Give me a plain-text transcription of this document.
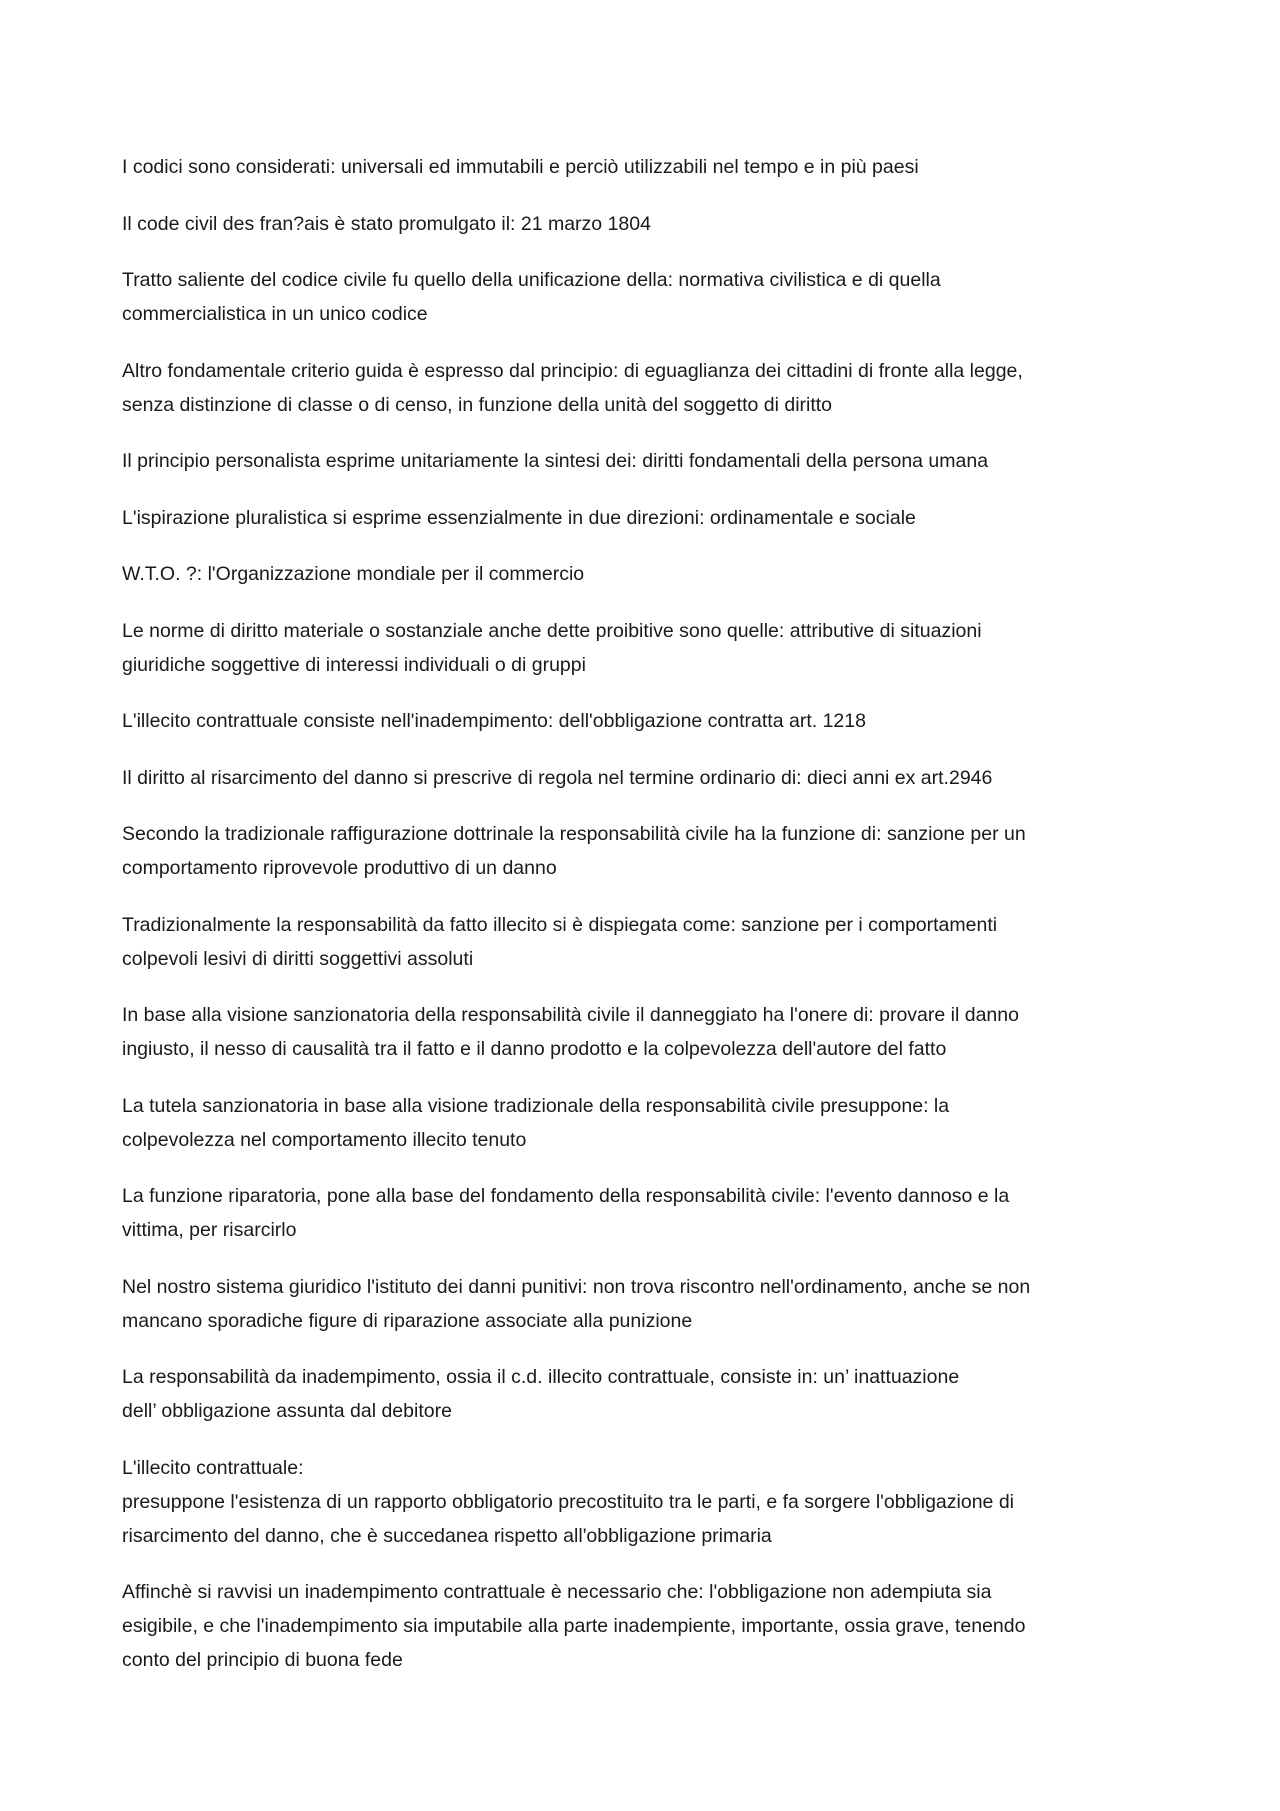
I codici sono considerati: universali ed immutabili e perciò utilizzabili nel tempo e in più paesi

Il code civil des fran?ais è stato promulgato il: 21 marzo 1804

Tratto saliente del codice civile fu quello della unificazione della: normativa civilistica e di quella
commercialistica in un unico codice

Altro fondamentale criterio guida è espresso dal principio: di eguaglianza dei cittadini di fronte alla legge,
senza distinzione di classe o di censo, in funzione della unità del soggetto di diritto

Il principio personalista esprime unitariamente la sintesi dei: diritti fondamentali della persona umana

L'ispirazione pluralistica si esprime essenzialmente in due direzioni: ordinamentale e sociale

W.T.O. ?: l'Organizzazione mondiale per il commercio

Le norme di diritto materiale o sostanziale anche dette proibitive sono quelle: attributive di situazioni
giuridiche soggettive di interessi individuali o di gruppi

L'illecito contrattuale consiste nell'inadempimento: dell'obbligazione contratta art. 1218

Il diritto al risarcimento del danno si prescrive di regola nel termine ordinario di: dieci anni ex art.2946

Secondo la tradizionale raffigurazione dottrinale la responsabilità civile ha la funzione di: sanzione per un
comportamento riprovevole produttivo di un danno

Tradizionalmente la responsabilità da fatto illecito si è dispiegata come: sanzione per i comportamenti
colpevoli lesivi di diritti soggettivi assoluti

In base alla visione sanzionatoria della responsabilità civile il danneggiato ha l'onere di: provare il danno
ingiusto, il nesso di causalità tra il fatto e il danno prodotto e la colpevolezza dell'autore del fatto

La tutela sanzionatoria in base alla visione tradizionale della responsabilità civile presuppone: la
colpevolezza nel comportamento illecito tenuto

La funzione riparatoria, pone alla base del fondamento della responsabilità civile: l'evento dannoso e la
vittima, per risarcirlo

Nel nostro sistema giuridico l'istituto dei danni punitivi: non trova riscontro nell'ordinamento, anche se non
mancano sporadiche figure di riparazione associate alla punizione

La responsabilità da inadempimento, ossia il c.d. illecito contrattuale, consiste in: un’ inattuazione
dell’ obbligazione assunta dal debitore

L'illecito contrattuale:
presuppone l'esistenza di un rapporto obbligatorio precostituito tra le parti, e fa sorgere l'obbligazione di
risarcimento del danno, che è succedanea rispetto all'obbligazione primaria

Affinchè si ravvisi un inadempimento contrattuale è necessario che: l'obbligazione non adempiuta sia
esigibile, e che l'inadempimento sia imputabile alla parte inadempiente, importante, ossia grave, tenendo
conto del principio di buona fede
